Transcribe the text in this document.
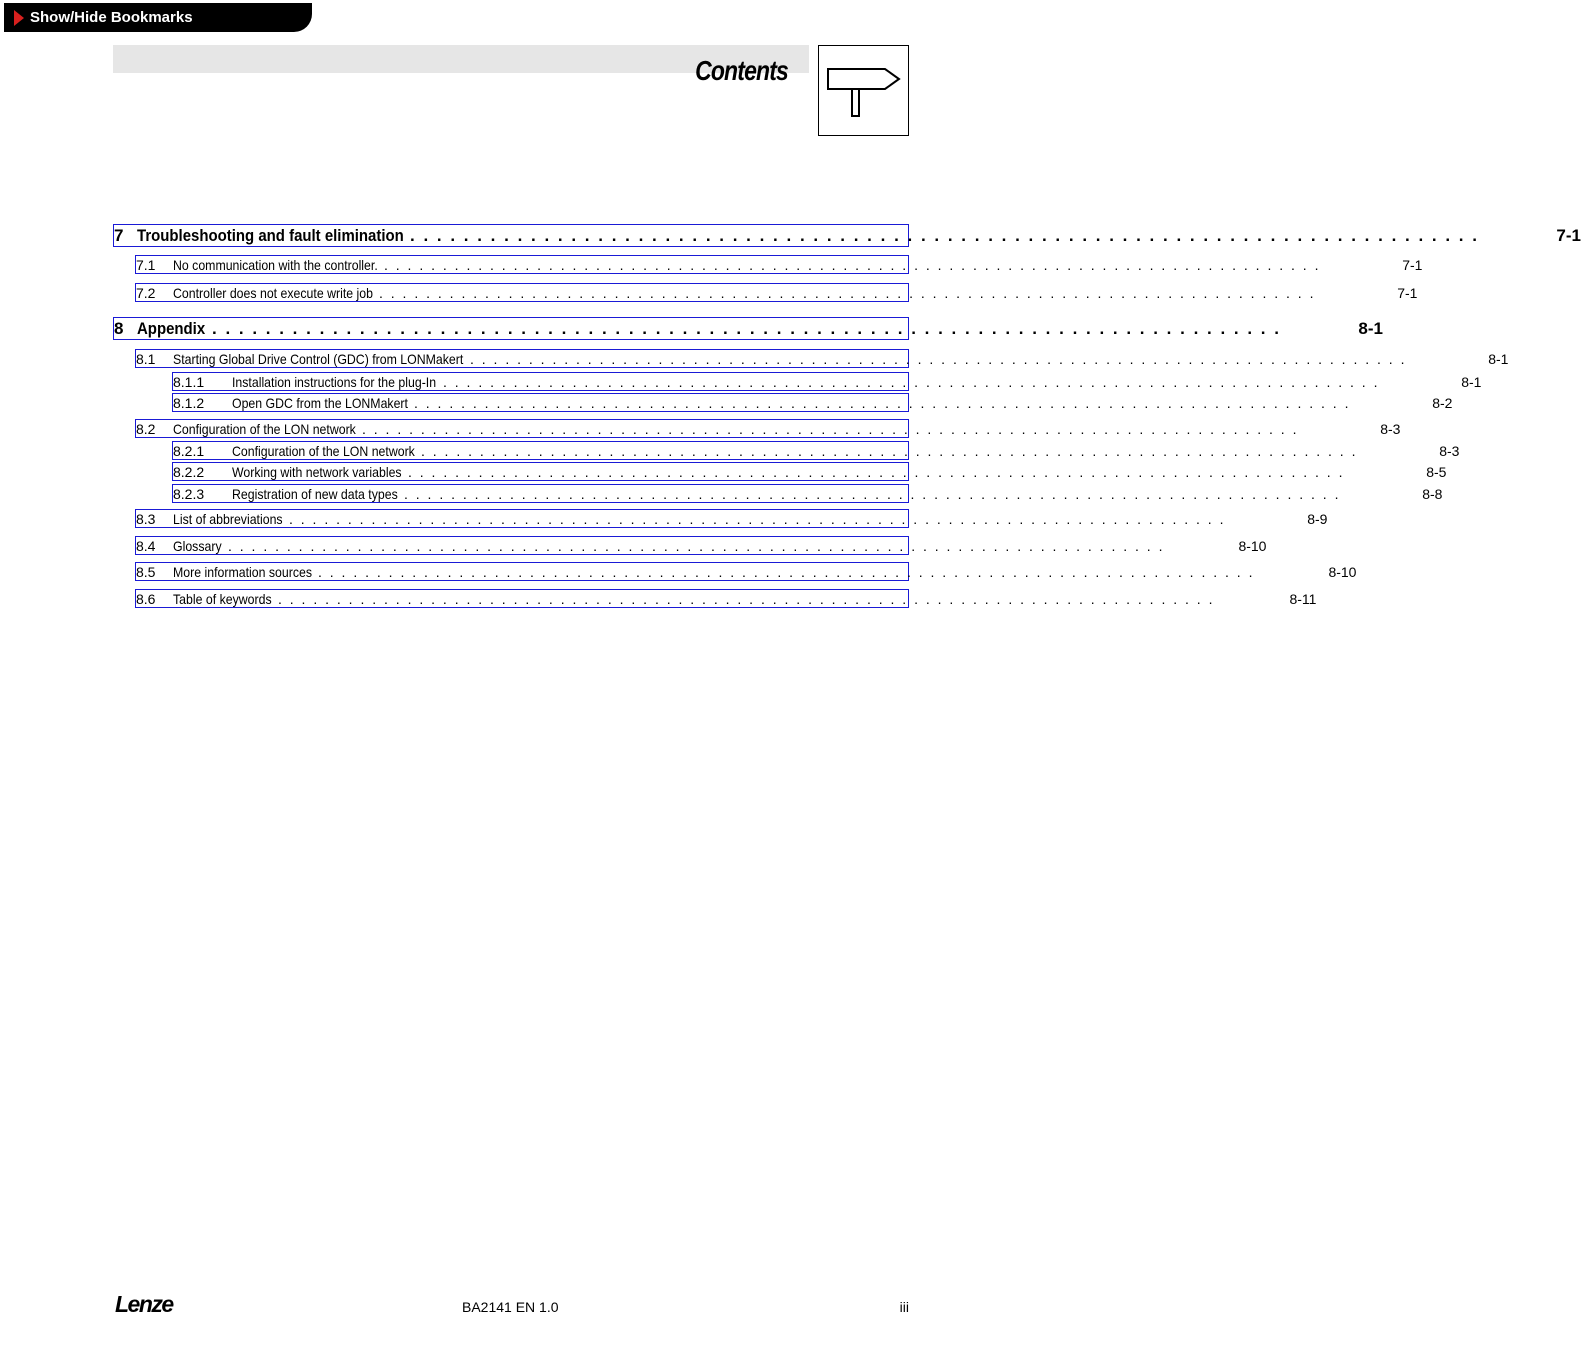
Show/Hide Bookmarks
Contents
7 Troubleshooting and fault elimination . . . . . . . . . . . . . . . . . . . . . . . . . . . . . . . . . . . . . . . . . . . . . . . . . . . . . . . . . . . . . . . . . . . . . . . . . . . . . . . .	7-1
7.1	No communication with the controller. . . . . . . . . . . . . . . . . . . . . . . . . . . . . . . . . . . . . . . . . . . . . . . . . . . . . . . . . . . . . . . . . . . . . . . . . . . . . . . . .	7-1
7.2	Controller does not execute write job . . . . . . . . . . . . . . . . . . . . . . . . . . . . . . . . . . . . . . . . . . . . . . . . . . . . . . . . . . . . . . . . . . . . . . . . . . . . . . . .	7-1
8 Appendix . . . . . . . . . . . . . . . . . . . . . . . . . . . . . . . . . . . . . . . . . . . . . . . . . . . . . . . . . . . . . . . . . . . . . . . . . . . . . . . .	8-1
8.1	Starting Global Drive Control (GDC) from LONMakert . . . . . . . . . . . . . . . . . . . . . . . . . . . . . . . . . . . . . . . . . . . . . . . . . . . . . . . . . . . . . . . . . . . . . . . . . . . . . . . .	8-1
8.1.1	Installation instructions for the plug-In . . . . . . . . . . . . . . . . . . . . . . . . . . . . . . . . . . . . . . . . . . . . . . . . . . . . . . . . . . . . . . . . . . . . . . . . . . . . . . . .	8-1
8.1.2	Open GDC from the LONMakert . . . . . . . . . . . . . . . . . . . . . . . . . . . . . . . . . . . . . . . . . . . . . . . . . . . . . . . . . . . . . . . . . . . . . . . . . . . . . . . .	8-2
8.2	Configuration of the LON network . . . . . . . . . . . . . . . . . . . . . . . . . . . . . . . . . . . . . . . . . . . . . . . . . . . . . . . . . . . . . . . . . . . . . . . . . . . . . . . .	8-3
8.2.1	Configuration of the LON network . . . . . . . . . . . . . . . . . . . . . . . . . . . . . . . . . . . . . . . . . . . . . . . . . . . . . . . . . . . . . . . . . . . . . . . . . . . . . . . .	8-3
8.2.2	Working with network variables . . . . . . . . . . . . . . . . . . . . . . . . . . . . . . . . . . . . . . . . . . . . . . . . . . . . . . . . . . . . . . . . . . . . . . . . . . . . . . . .	8-5
8.2.3	Registration of new data types . . . . . . . . . . . . . . . . . . . . . . . . . . . . . . . . . . . . . . . . . . . . . . . . . . . . . . . . . . . . . . . . . . . . . . . . . . . . . . . .	8-8
8.3	List of abbreviations . . . . . . . . . . . . . . . . . . . . . . . . . . . . . . . . . . . . . . . . . . . . . . . . . . . . . . . . . . . . . . . . . . . . . . . . . . . . . . . .	8-9
8.4	Glossary . . . . . . . . . . . . . . . . . . . . . . . . . . . . . . . . . . . . . . . . . . . . . . . . . . . . . . . . . . . . . . . . . . . . . . . . . . . . . . . .	8-10
8.5	More information sources . . . . . . . . . . . . . . . . . . . . . . . . . . . . . . . . . . . . . . . . . . . . . . . . . . . . . . . . . . . . . . . . . . . . . . . . . . . . . . . .	8-10
8.6	Table of keywords . . . . . . . . . . . . . . . . . . . . . . . . . . . . . . . . . . . . . . . . . . . . . . . . . . . . . . . . . . . . . . . . . . . . . . . . . . . . . . . .	8-11
Lenze	BA2141 EN 1.0	iii
